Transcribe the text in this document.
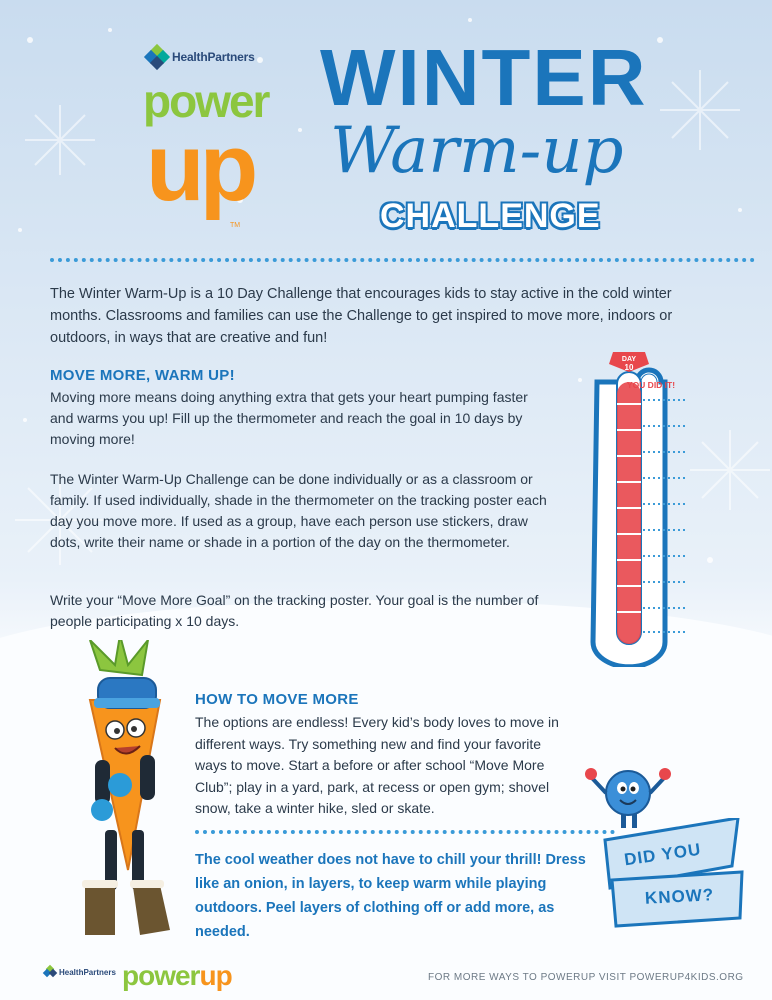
HealthPartners
power
up
TM
WINTER
Warm-up
CHALLENGE
The Winter Warm-Up is a 10 Day Challenge that encourages kids to stay active in the cold winter months. Classrooms and families can use the Challenge to get inspired to move more, indoors or outdoors, in ways that are creative and fun!
MOVE MORE, WARM UP!
Moving more means doing anything extra that gets your heart pumping faster and warms you up! Fill up the thermometer and reach the goal in 10 days by moving more!
The Winter Warm-Up Challenge can be done individually or as a classroom or family. If used individually, shade in the thermometer on the tracking poster each day you move more. If used as a group, have each person use stickers, draw dots, write their name or shade in a portion of the day on the thermometer.
Write your “Move More Goal” on the tracking poster. Your goal is the number of people participating x 10 days.
DAY
10
YOU DID IT!
HOW TO MOVE MORE
The options are endless! Every kid’s body loves to move in different ways. Try something new and find your favorite ways to move. Start a before or after school “Move More Club”; play in a yard, park, at recess or open gym; shovel snow, take a winter hike, sled or skate.
DID YOU
KNOW?
The cool weather does not have to chill your thrill! Dress like an onion, in layers, to keep warm while playing outdoors. Peel layers of clothing off or add more, as needed.
HealthPartners powerup	FOR MORE WAYS TO POWERUP VISIT POWERUP4KIDS.ORG
